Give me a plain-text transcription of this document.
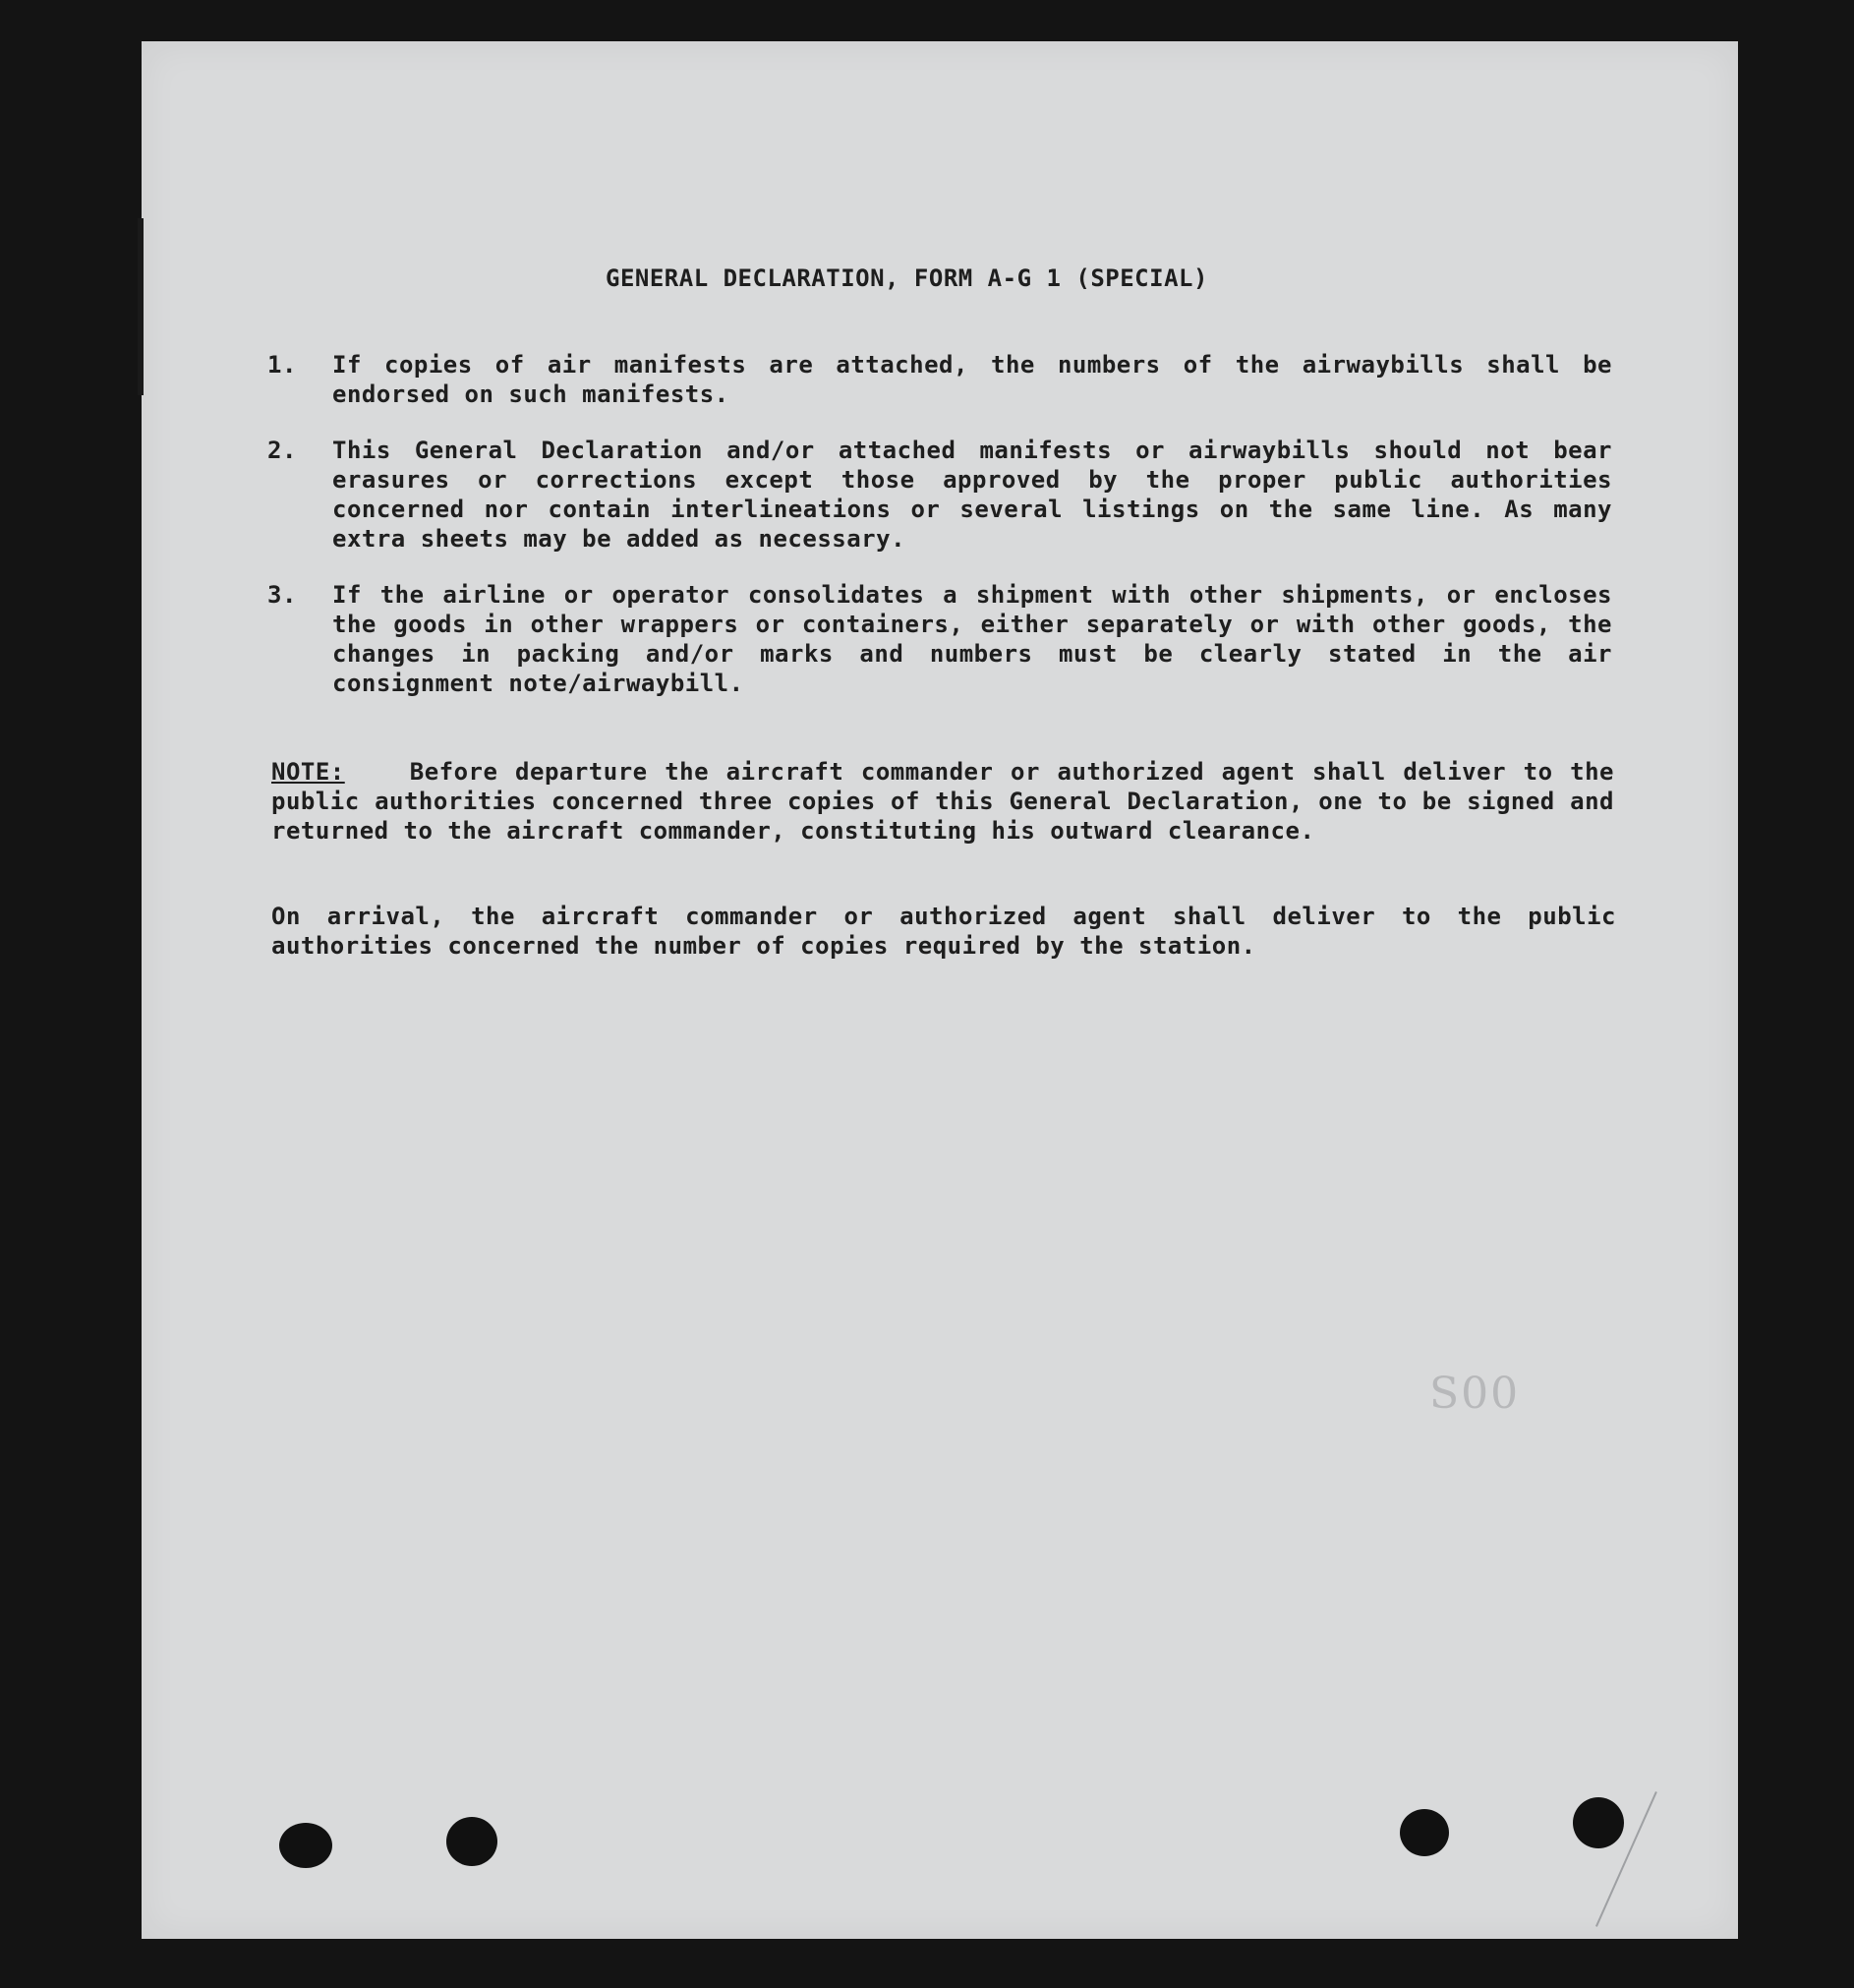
GENERAL DECLARATION, FORM A-G 1 (SPECIAL)
1.	If copies of air manifests are attached, the numbers of the airwaybills shall be endorsed on such manifests.
2.	This General Declaration and/or attached manifests or airwaybills should not bear erasures or corrections except those approved by the proper public authorities concerned nor contain interlineations or several listings on the same line. As many extra sheets may be added as necessary.
3.	If the airline or operator consolidates a shipment with other shipments, or encloses the goods in other wrappers or containers, either separately or with other goods, the changes in packing and/or marks and numbers must be clearly stated in the air consignment note/airwaybill.
NOTE:	Before departure the aircraft commander or authorized agent shall deliver to the public authorities concerned three copies of this General Declaration, one to be signed and returned to the aircraft commander, constituting his outward clearance.
On arrival, the aircraft commander or authorized agent shall deliver to the public authorities concerned the number of copies required by the station.
S00
